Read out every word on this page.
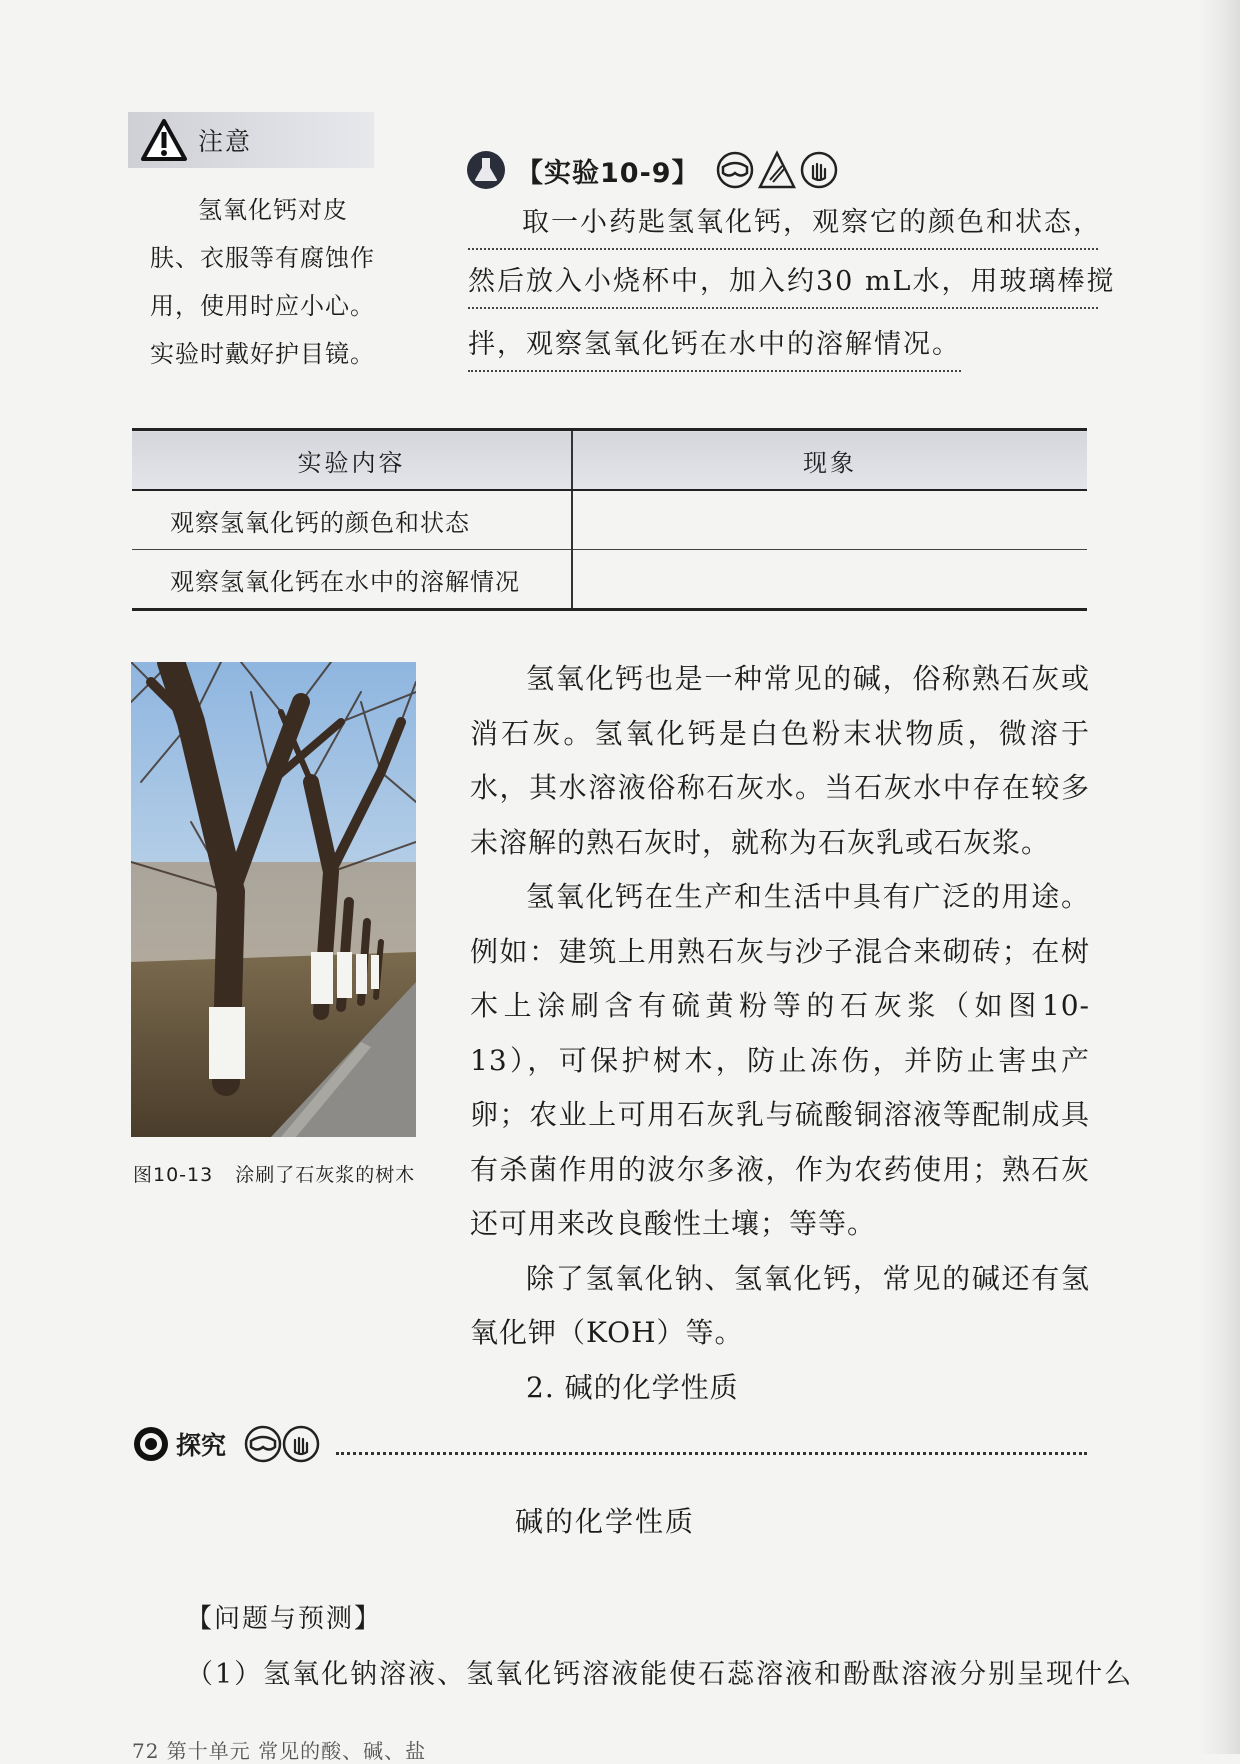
注意

氢氧化钙对皮

肤、衣服等有腐蚀作

用，使用时应小心。

实验时戴好护目镜。

【实验10-9】
取一小药匙氢氧化钙，观察它的颜色和状态，
然后放入小烧杯中，加入约30 mL水，用玻璃棒搅
拌，观察氢氧化钙在水中的溶解情况。
实验内容	现象
观察氢氧化钙的颜色和状态	
观察氢氧化钙在水中的溶解情况	
图10-13 涂刷了石灰浆的树木

氢氧化钙也是一种常见的碱，俗称熟石灰或消石灰。氢氧化钙是白色粉末状物质，微溶于水，其水溶液俗称石灰水。当石灰水中存在较多未溶解的熟石灰时，就称为石灰乳或石灰浆。

氢氧化钙在生产和生活中具有广泛的用途。例如：建筑上用熟石灰与沙子混合来砌砖；在树木上涂刷含有硫黄粉等的石灰浆（如图10-13），可保护树木，防止冻伤，并防止害虫产卵；农业上可用石灰乳与硫酸铜溶液等配制成具有杀菌作用的波尔多液，作为农药使用；熟石灰还可用来改良酸性土壤；等等。

除了氢氧化钠、氢氧化钙，常见的碱还有氢氧化钾（KOH）等。

2. 碱的化学性质

探究
碱的化学性质
【问题与预测】
（1）氢氧化钠溶液、氢氧化钙溶液能使石蕊溶液和酚酞溶液分别呈现什么
72 第十单元 常见的酸、碱、盐
